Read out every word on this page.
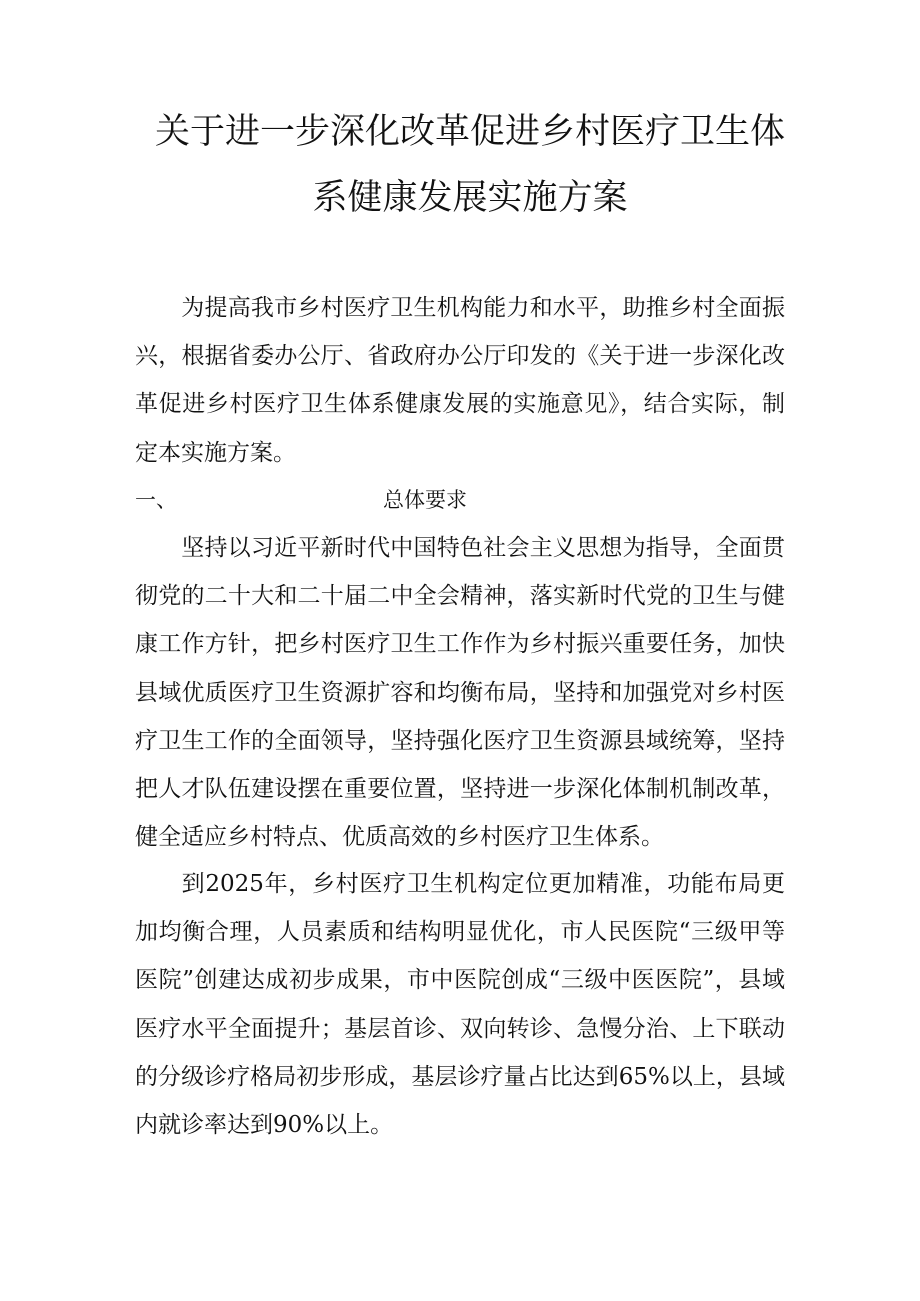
关于进一步深化改革促进乡村医疗卫生体
系健康发展实施方案

为提高我市乡村医疗卫生机构能力和水平，助推乡村全面振兴，根据省委办公厅、省政府办公厅印发的《关于进一步深化改革促进乡村医疗卫生体系健康发展的实施意见》，结合实际，制定本实施方案。

一、	总体要求

坚持以习近平新时代中国特色社会主义思想为指导，全面贯彻党的二十大和二十届二中全会精神，落实新时代党的卫生与健康工作方针，把乡村医疗卫生工作作为乡村振兴重要任务，加快县域优质医疗卫生资源扩容和均衡布局，坚持和加强党对乡村医疗卫生工作的全面领导，坚持强化医疗卫生资源县域统筹，坚持把人才队伍建设摆在重要位置，坚持进一步深化体制机制改革，健全适应乡村特点、优质高效的乡村医疗卫生体系。

到2025年，乡村医疗卫生机构定位更加精准，功能布局更加均衡合理，人员素质和结构明显优化，市人民医院“三级甲等医院”创建达成初步成果，市中医院创成“三级中医医院”，县域医疗水平全面提升；基层首诊、双向转诊、急慢分治、上下联动的分级诊疗格局初步形成，基层诊疗量占比达到65%以上，县域内就诊率达到90%以上。
